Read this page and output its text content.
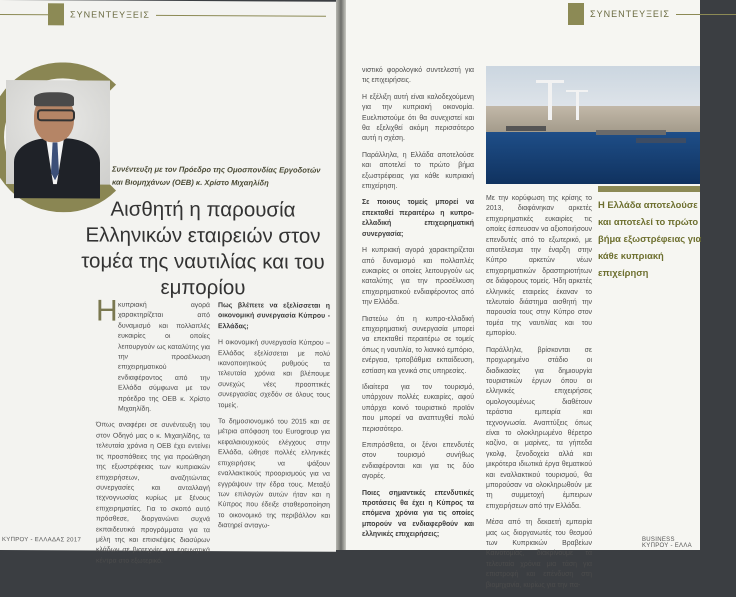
ΣΥΝΕΝΤΕΥΞΕΙΣ
Συνέντευξη με τον Πρόεδρο της Ομοσπονδίας Εργοδοτών και Βιομηχάνων (ΟΕΒ) κ. Χρίστο Μιχαηλίδη
Αισθητή η παρουσία Ελληνικών εταιρειών στον τομέα της ναυτιλίας και του εμπορίου
Η κυπριακή αγορά χαρακτηρίζεται από δυναμισμό και πολλαπλές ευκαιρίες οι οποίες λειτουργούν ως καταλύτης για την προσέλκυση επιχειρηματικού ενδιαφέροντος από την Ελλάδα σύμφωνα με τον πρόεδρο της ΟΕΒ κ. Χρίστο Μιχαηλίδη.

Όπως αναφέρει σε συνέντευξη του στον Οδηγό μας ο κ. Μιχαηλίδης, τα τελευταία χρόνια η ΟΕΒ έχει εντείνει τις προσπάθειες της για προώθηση της εξωστρέφειας των κυπριακών επιχειρήσεων, αναζητώντας συνεργασίες και ανταλλαγή τεχνογνωσίας κυρίως με ξένους επιχειρηματίες. Για το σκοπό αυτό πρόσθεσε, διοργανώνει συχνά εκπαιδευτικά προγράμματα για τα μέλη της και επισκέψεις διασύρων κλάδων σε βιοτεχνίες και ερευνητικά κέντρα στο εξωτερικό.

Πως βλέπετε να εξελίσσεται η οικονομική συνεργασία Κύπρου - Ελλάδας;

Η οικονομική συνεργασία Κύπρου – Ελλάδας εξελίσσεται με πολύ ικανοποιητικούς ρυθμούς τα τελευταία χρόνια και βλέπουμε συνεχώς νέες προοπτικές συνεργασίας σχεδόν σε όλους τους τομείς.

Το δημοσιονομικό του 2015 και σε μέτρια απόφαση του Eurogroup για κεφαλαιουχικούς ελέγχους στην Ελλάδα, ώθησε πολλές ελληνικές επιχειρήσεις να ψάξουν εναλλακτικούς προορισμούς για να εγγράψουν την έδρα τους. Μεταξύ των επιλογών αυτών ήταν και η Κύπρος που έδειξε σταθεροποίηση το οικονομικό της περιβάλλον και διατηρεί ανταγω-

ΚΥΠΡΟΥ - ΕΛΛΑΔΑΣ 2017
ΣΥΝΕΝΤΕΥΞΕΙΣ

νιστικό φορολογικό συντελεστή για τις επιχειρήσεις.

Η εξέλιξη αυτή είναι καλοδεχούμενη για την κυπριακή οικονομία. Ευελπιστούμε ότι θα συνεχιστεί και θα εξελιχθεί ακόμη περισσότερο αυτή η σχέση.

Παράλληλα, η Ελλάδα αποτελούσε και αποτελεί το πρώτο βήμα εξωστρέφειας για κάθε κυπριακή επιχείρηση.

Σε ποιους τομείς μπορεί να επεκταθεί περαιτέρω η κυπρο-ελλαδική επιχειρηματική συνεργασία;

Η κυπριακή αγορά χαρακτηρίζεται από δυναμισμό και πολλαπλές ευκαιρίες οι οποίες λειτουργούν ως καταλύτης για την προσέλκυση επιχειρηματικού ενδιαφέροντος από την Ελλάδα.

Πιστεύω ότι η κυπρο-ελλαδική επιχειρηματική συνεργασία μπορεί να επεκταθεί περαιτέρω σε τομείς όπως η ναυτιλία, το λιανικό εμπόριο, ενέργεια, τριτοβάθμια εκπαίδευση, εστίαση και γενικά στις υπηρεσίες.

Ιδιαίτερα για τον τουρισμό, υπάρχουν πολλές ευκαιρίες, αφού υπάρχει κοινό τουριστικό προϊόν που μπορεί να αναπτυχθεί πολύ περισσότερο.

Επιπρόσθετα, οι ξένοι επενδυτές στον τουρισμό συνήθως ενδιαφέρονται και για τις δύο αγορές.

Ποιες σημαντικές επενδυτικές προτάσεις θα έχει η Κύπρος τα επόμενα χρόνια για τις οποίες μπορούν να ενδιαφερθούν και ελληνικές επιχειρήσεις;

Με την κορύφωση της κρίσης το 2013, διαφάνηκαν αρκετές επιχειρηματικές ευκαιρίες τις οποίες έσπευσαν να αξιοποιήσουν επενδυτές από το εξωτερικό, με αποτέλεσμα την έναρξη στην Κύπρο αρκετών νέων επιχειρηματικών δραστηριοτήτων σε διάφορους τομείς. Ήδη αρκετές ελληνικές εταιρείες έκαναν το τελευταίο διάστημα αισθητή την παρουσία τους στην Κύπρο στον τομέα της ναυτιλίας και του εμπορίου.

Παράλληλα, βρίσκονται σε προχωρημένο στάδιο οι διαδικασίες για δημιουργία τουριστικών έργων όπου οι ελληνικές επιχειρήσεις ομολογουμένως διαθέτουν τεράστια εμπειρία και τεχνογνωσία. Αναπτύξεις όπως είναι το ολοκληρωμένο θέρετρο καζίνο, οι μαρίνες, τα γήπεδα γκολφ, ξενοδοχεία αλλά και μικρότερα ιδιωτικά έργα θεματικού και εναλλακτικού τουρισμού, θα μπορούσαν να ολοκληρωθούν με τη συμμετοχή έμπειρων επιχειρήσεων από την Ελλάδα.

Μέσα από τη δεκαετή εμπειρία μας ως διοργανωτές του θεσμού των Κυπριακών Βραβείων Καινοτομίας, διακρίνουμε τα τελευταία χρόνια μια τάση για επιστροφή και επένδυση στη βιομηχανία, κυρίως για την πα-

Η Ελλάδα αποτελούσε και αποτελεί το πρώτο βήμα εξωστρέφειας για κάθε κυπριακή επιχείρηση
BUSINESS ΚΥΠΡΟΥ - ΕΛΛΑ
